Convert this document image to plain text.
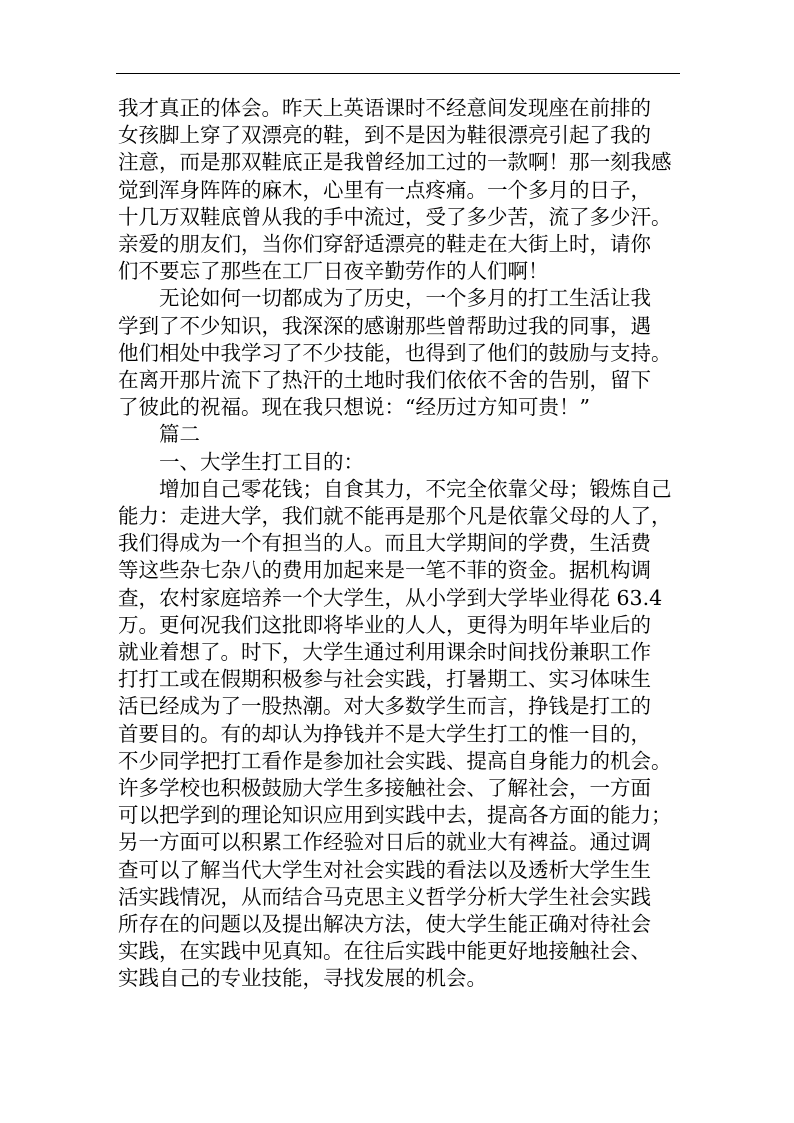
我才真正的体会。昨天上英语课时不经意间发现座在前排的
女孩脚上穿了双漂亮的鞋，到不是因为鞋很漂亮引起了我的
注意，而是那双鞋底正是我曾经加工过的一款啊！那一刻我感
觉到浑身阵阵的麻木，心里有一点疼痛。一个多月的日子，
十几万双鞋底曾从我的手中流过，受了多少苦，流了多少汗。
亲爱的朋友们，当你们穿舒适漂亮的鞋走在大街上时，请你
们不要忘了那些在工厂日夜辛勤劳作的人们啊！
无论如何一切都成为了历史，一个多月的打工生活让我
学到了不少知识，我深深的感谢那些曾帮助过我的同事，遇
他们相处中我学习了不少技能，也得到了他们的鼓励与支持。
在离开那片流下了热汗的土地时我们依依不舍的告别，留下
了彼此的祝福。现在我只想说：“经历过方知可贵！”
篇二
一、大学生打工目的：
增加自己零花钱；自食其力，不完全依靠父母；锻炼自己
能力：走进大学，我们就不能再是那个凡是依靠父母的人了，
我们得成为一个有担当的人。而且大学期间的学费，生活费
等这些杂七杂八的费用加起来是一笔不菲的资金。据机构调
查，农村家庭培养一个大学生，从小学到大学毕业得花 63.4
万。更何况我们这批即将毕业的人人，更得为明年毕业后的
就业着想了。时下，大学生通过利用课余时间找份兼职工作
打打工或在假期积极参与社会实践，打暑期工、实习体味生
活已经成为了一股热潮。对大多数学生而言，挣钱是打工的
首要目的。有的却认为挣钱并不是大学生打工的惟一目的，
不少同学把打工看作是参加社会实践、提高自身能力的机会。
许多学校也积极鼓励大学生多接触社会、了解社会，一方面
可以把学到的理论知识应用到实践中去，提高各方面的能力；
另一方面可以积累工作经验对日后的就业大有裨益。通过调
查可以了解当代大学生对社会实践的看法以及透析大学生生
活实践情况，从而结合马克思主义哲学分析大学生社会实践
所存在的问题以及提出解决方法，使大学生能正确对待社会
实践，在实践中见真知。在往后实践中能更好地接触社会、
实践自己的专业技能，寻找发展的机会。
